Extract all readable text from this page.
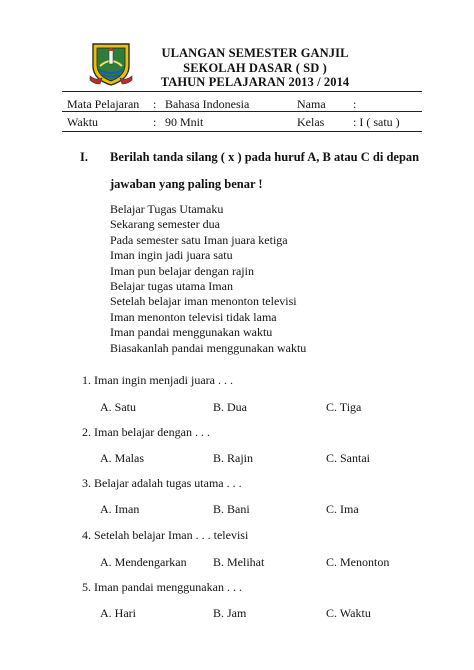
ULANGAN SEMESTER GANJIL
SEKOLAH DASAR ( SD )
TAHUN PELAJARAN 2013 / 2014
Mata Pelajaran : Bahasa Indonesia	Nama :
Waktu	: 90 Mnit	Kelas : I ( satu )
I. Berilah tanda silang ( x ) pada huruf A, B atau C di depan
jawaban yang paling benar !
Belajar Tugas Utamaku
Sekarang semester dua
Pada semester satu Iman juara ketiga
Iman ingin jadi juara satu
Iman pun belajar dengan rajin
Belajar tugas utama Iman
Setelah belajar iman menonton televisi
Iman menonton televisi tidak lama
Iman pandai menggunakan waktu
Biasakanlah pandai menggunakan waktu
1. Iman ingin menjadi juara . . .
A. Satu	B. Dua	C. Tiga
2. Iman belajar dengan . . .
A. Malas	B. Rajin	C. Santai
3. Belajar adalah tugas utama . . .
A. Iman	B. Bani	C. Ima
4. Setelah belajar Iman . . . televisi
A. Mendengarkan B. Melihat	C. Menonton
5. Iman pandai menggunakan . . .
A. Hari	B. Jam	C. Waktu
